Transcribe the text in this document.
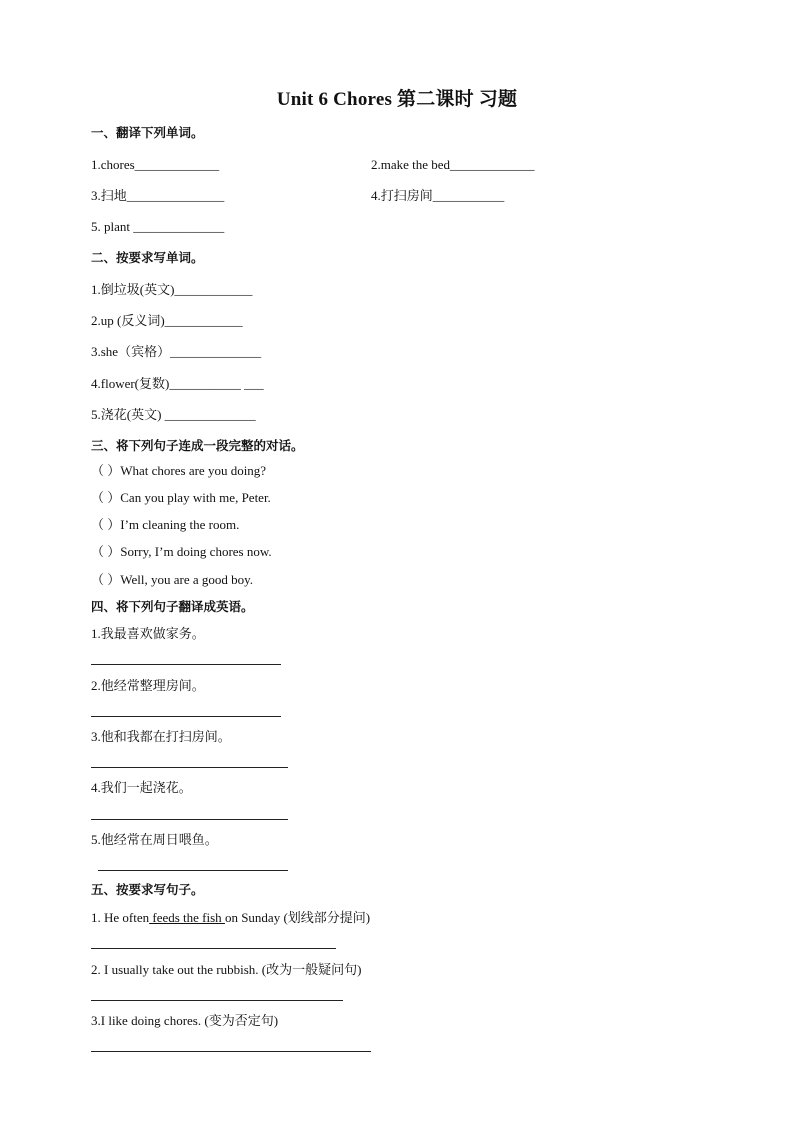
Unit 6 Chores 第二课时 习题
一、翻译下列单词。
1.chores_____________	2.make the bed_____________
3.扫地_______________	4.打扫房间___________
5. plant ______________
二、按要求写单词。
1.倒垃圾(英文)____________
2.up (反义词)____________
3.she（宾格）______________
4.flower(复数)___________ ___
5.浇花(英文) ______________
三、将下列句子连成一段完整的对话。
（ ）What chores are you doing?
（ ）Can you play with me, Peter.
（ ）I’m cleaning the room.
（ ）Sorry, I’m doing chores now.
（ ）Well, you are a good boy.
四、将下列句子翻译成英语。
1.我最喜欢做家务。
2.他经常整理房间。
3.他和我都在打扫房间。
4.我们一起浇花。
5.他经常在周日喂鱼。
五、按要求写句子。
1. He often feeds the fish on Sunday (划线部分提问)
2. I usually take out the rubbish. (改为一般疑问句)
3.I like doing chores. (变为否定句)
